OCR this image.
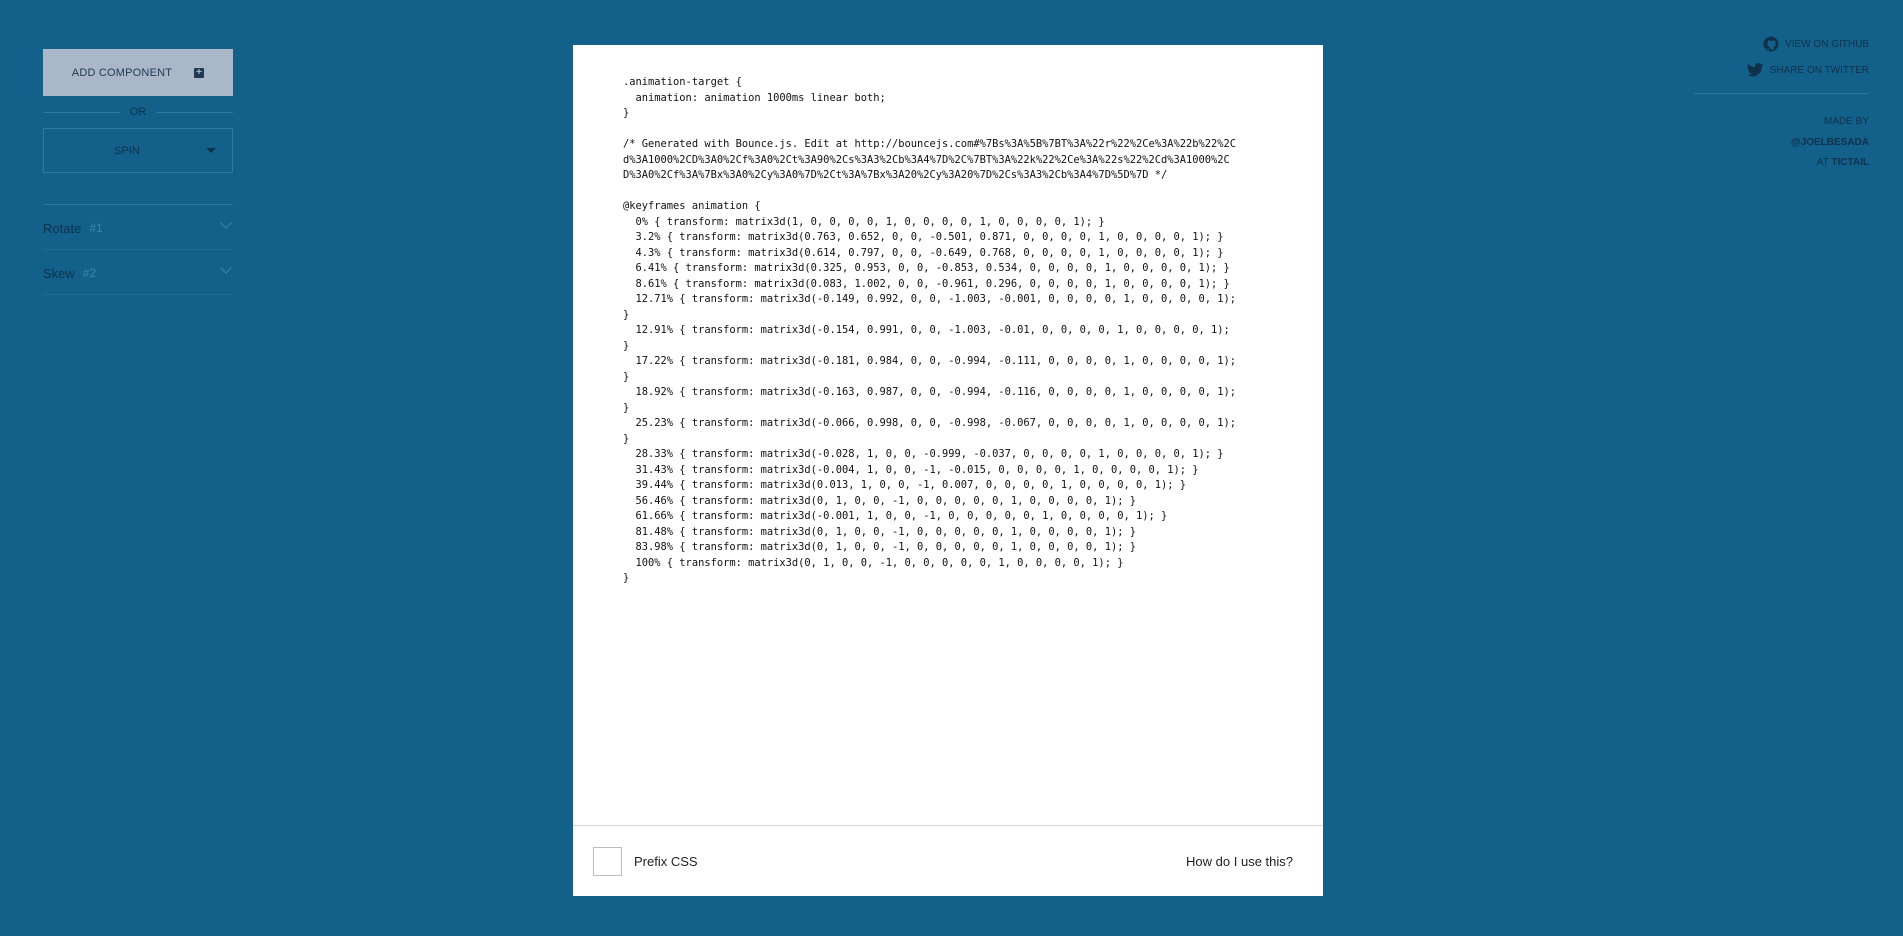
ADD COMPONENT +
OR
SPIN
Rotate #1
Skew #2
.animation-target {
animation: animation 1000ms linear both;
}

/* Generated with Bounce.js. Edit at http://bouncejs.com#%7Bs%3A%5B%7BT%3A%22r%22%2Ce%3A%22b%22%2C
d%3A1000%2CD%3A0%2Cf%3A0%2Ct%3A90%2Cs%3A3%2Cb%3A4%7D%2C%7BT%3A%22k%22%2Ce%3A%22s%22%2Cd%3A1000%2C
D%3A0%2Cf%3A%7Bx%3A0%2Cy%3A0%7D%2Ct%3A%7Bx%3A20%2Cy%3A20%7D%2Cs%3A3%2Cb%3A4%7D%5D%7D */

@keyframes animation {
0% { transform: matrix3d(1, 0, 0, 0, 0, 1, 0, 0, 0, 0, 1, 0, 0, 0, 0, 1); }
3.2% { transform: matrix3d(0.763, 0.652, 0, 0, -0.501, 0.871, 0, 0, 0, 0, 1, 0, 0, 0, 0, 1); }
4.3% { transform: matrix3d(0.614, 0.797, 0, 0, -0.649, 0.768, 0, 0, 0, 0, 1, 0, 0, 0, 0, 1); }
6.41% { transform: matrix3d(0.325, 0.953, 0, 0, -0.853, 0.534, 0, 0, 0, 0, 1, 0, 0, 0, 0, 1); }
8.61% { transform: matrix3d(0.083, 1.002, 0, 0, -0.961, 0.296, 0, 0, 0, 0, 1, 0, 0, 0, 0, 1); }
12.71% { transform: matrix3d(-0.149, 0.992, 0, 0, -1.003, -0.001, 0, 0, 0, 0, 1, 0, 0, 0, 0, 1);
}
12.91% { transform: matrix3d(-0.154, 0.991, 0, 0, -1.003, -0.01, 0, 0, 0, 0, 1, 0, 0, 0, 0, 1);
}
17.22% { transform: matrix3d(-0.181, 0.984, 0, 0, -0.994, -0.111, 0, 0, 0, 0, 1, 0, 0, 0, 0, 1);
}
18.92% { transform: matrix3d(-0.163, 0.987, 0, 0, -0.994, -0.116, 0, 0, 0, 0, 1, 0, 0, 0, 0, 1);
}
25.23% { transform: matrix3d(-0.066, 0.998, 0, 0, -0.998, -0.067, 0, 0, 0, 0, 1, 0, 0, 0, 0, 1);
}
28.33% { transform: matrix3d(-0.028, 1, 0, 0, -0.999, -0.037, 0, 0, 0, 0, 1, 0, 0, 0, 0, 1); }
31.43% { transform: matrix3d(-0.004, 1, 0, 0, -1, -0.015, 0, 0, 0, 0, 1, 0, 0, 0, 0, 1); }
39.44% { transform: matrix3d(0.013, 1, 0, 0, -1, 0.007, 0, 0, 0, 0, 1, 0, 0, 0, 0, 1); }
56.46% { transform: matrix3d(0, 1, 0, 0, -1, 0, 0, 0, 0, 0, 1, 0, 0, 0, 0, 1); }
61.66% { transform: matrix3d(-0.001, 1, 0, 0, -1, 0, 0, 0, 0, 0, 1, 0, 0, 0, 0, 1); }
81.48% { transform: matrix3d(0, 1, 0, 0, -1, 0, 0, 0, 0, 0, 1, 0, 0, 0, 0, 1); }
83.98% { transform: matrix3d(0, 1, 0, 0, -1, 0, 0, 0, 0, 0, 1, 0, 0, 0, 0, 1); }
100% { transform: matrix3d(0, 1, 0, 0, -1, 0, 0, 0, 0, 0, 1, 0, 0, 0, 0, 1); }
}
Prefix CSS	How do I use this?
VIEW ON GITHUB
SHARE ON TWITTER
MADE BY
@JOELBESADA
AT TICTAIL
